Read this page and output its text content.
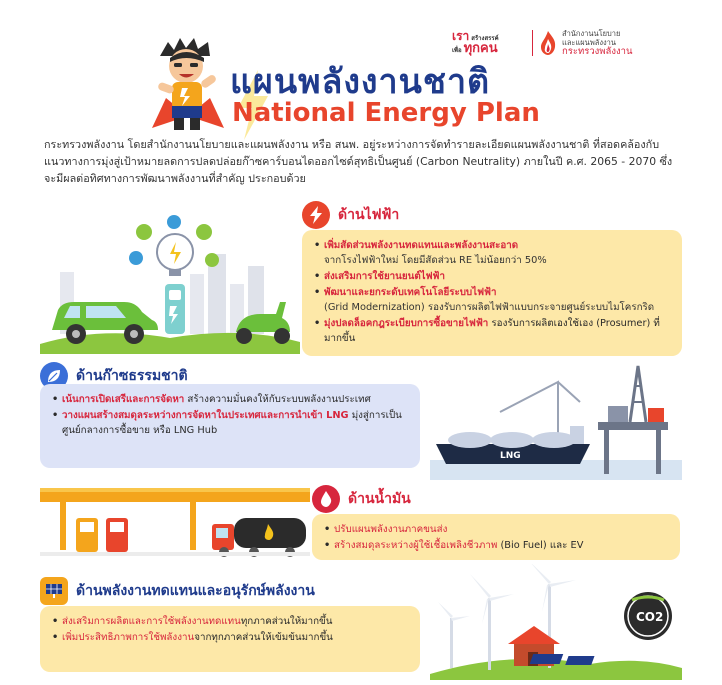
เรา สร้างสรรค์
เพื่อ ทุกคน
สำนักงานนโยบาย
และแผนพลังงาน
กระทรวงพลังงาน
แผนพลังงานชาติ
National Energy Plan

กระทรวงพลังงาน โดยสำนักงานนโยบายและแผนพลังงาน หรือ สนพ. อยู่ระหว่างการจัดทำรายละเอียดแผนพลังงานชาติ ที่สอดคล้องกับแนวทางการมุ่งสู่เป้าหมายลดการปลดปล่อยก๊าซคาร์บอนไดออกไซด์สุทธิเป็นศูนย์ (Carbon Neutrality) ภายในปี ค.ศ. 2065 - 2070 ซึ่งจะมีผลต่อทิศทางการพัฒนาพลังงานที่สำคัญ ประกอบด้วย

ด้านไฟฟ้า
• เพิ่มสัดส่วนพลังงานทดแทนและพลังงานสะอาด
จากโรงไฟฟ้าใหม่ โดยมีสัดส่วน RE ไม่น้อยกว่า 50%
• ส่งเสริมการใช้ยานยนต์ไฟฟ้า
• พัฒนาและยกระดับเทคโนโลยีระบบไฟฟ้า
(Grid Modernization) รองรับการผลิตไฟฟ้าแบบกระจายศูนย์ระบบไมโครกริด
• มุ่งปลดล็อคกฎระเบียบการซื้อขายไฟฟ้า รองรับการผลิตเองใช้เอง (Prosumer) ที่มากขึ้น
ด้านก๊าซธรรมชาติ
• เน้นการเปิดเสรีและการจัดหา สร้างความมั่นคงให้กับระบบพลังงานประเทศ
• วางแผนสร้างสมดุลระหว่างการจัดหาในประเทศและการนำเข้า LNG มุ่งสู่การเป็นศูนย์กลางการซื้อขาย หรือ LNG Hub
LNG
ด้านน้ำมัน
• ปรับแผนพลังงานภาคขนส่ง
• สร้างสมดุลระหว่างผู้ใช้เชื้อเพลิงชีวภาพ (Bio Fuel) และ EV
ด้านพลังงานทดแทนและอนุรักษ์พลังงาน
• ส่งเสริมการผลิตและการใช้พลังงานทดแทนทุกภาคส่วนให้มากขึ้น
• เพิ่มประสิทธิภาพการใช้พลังงานจากทุกภาคส่วนให้เข้มข้นมากขึ้น
CO2
